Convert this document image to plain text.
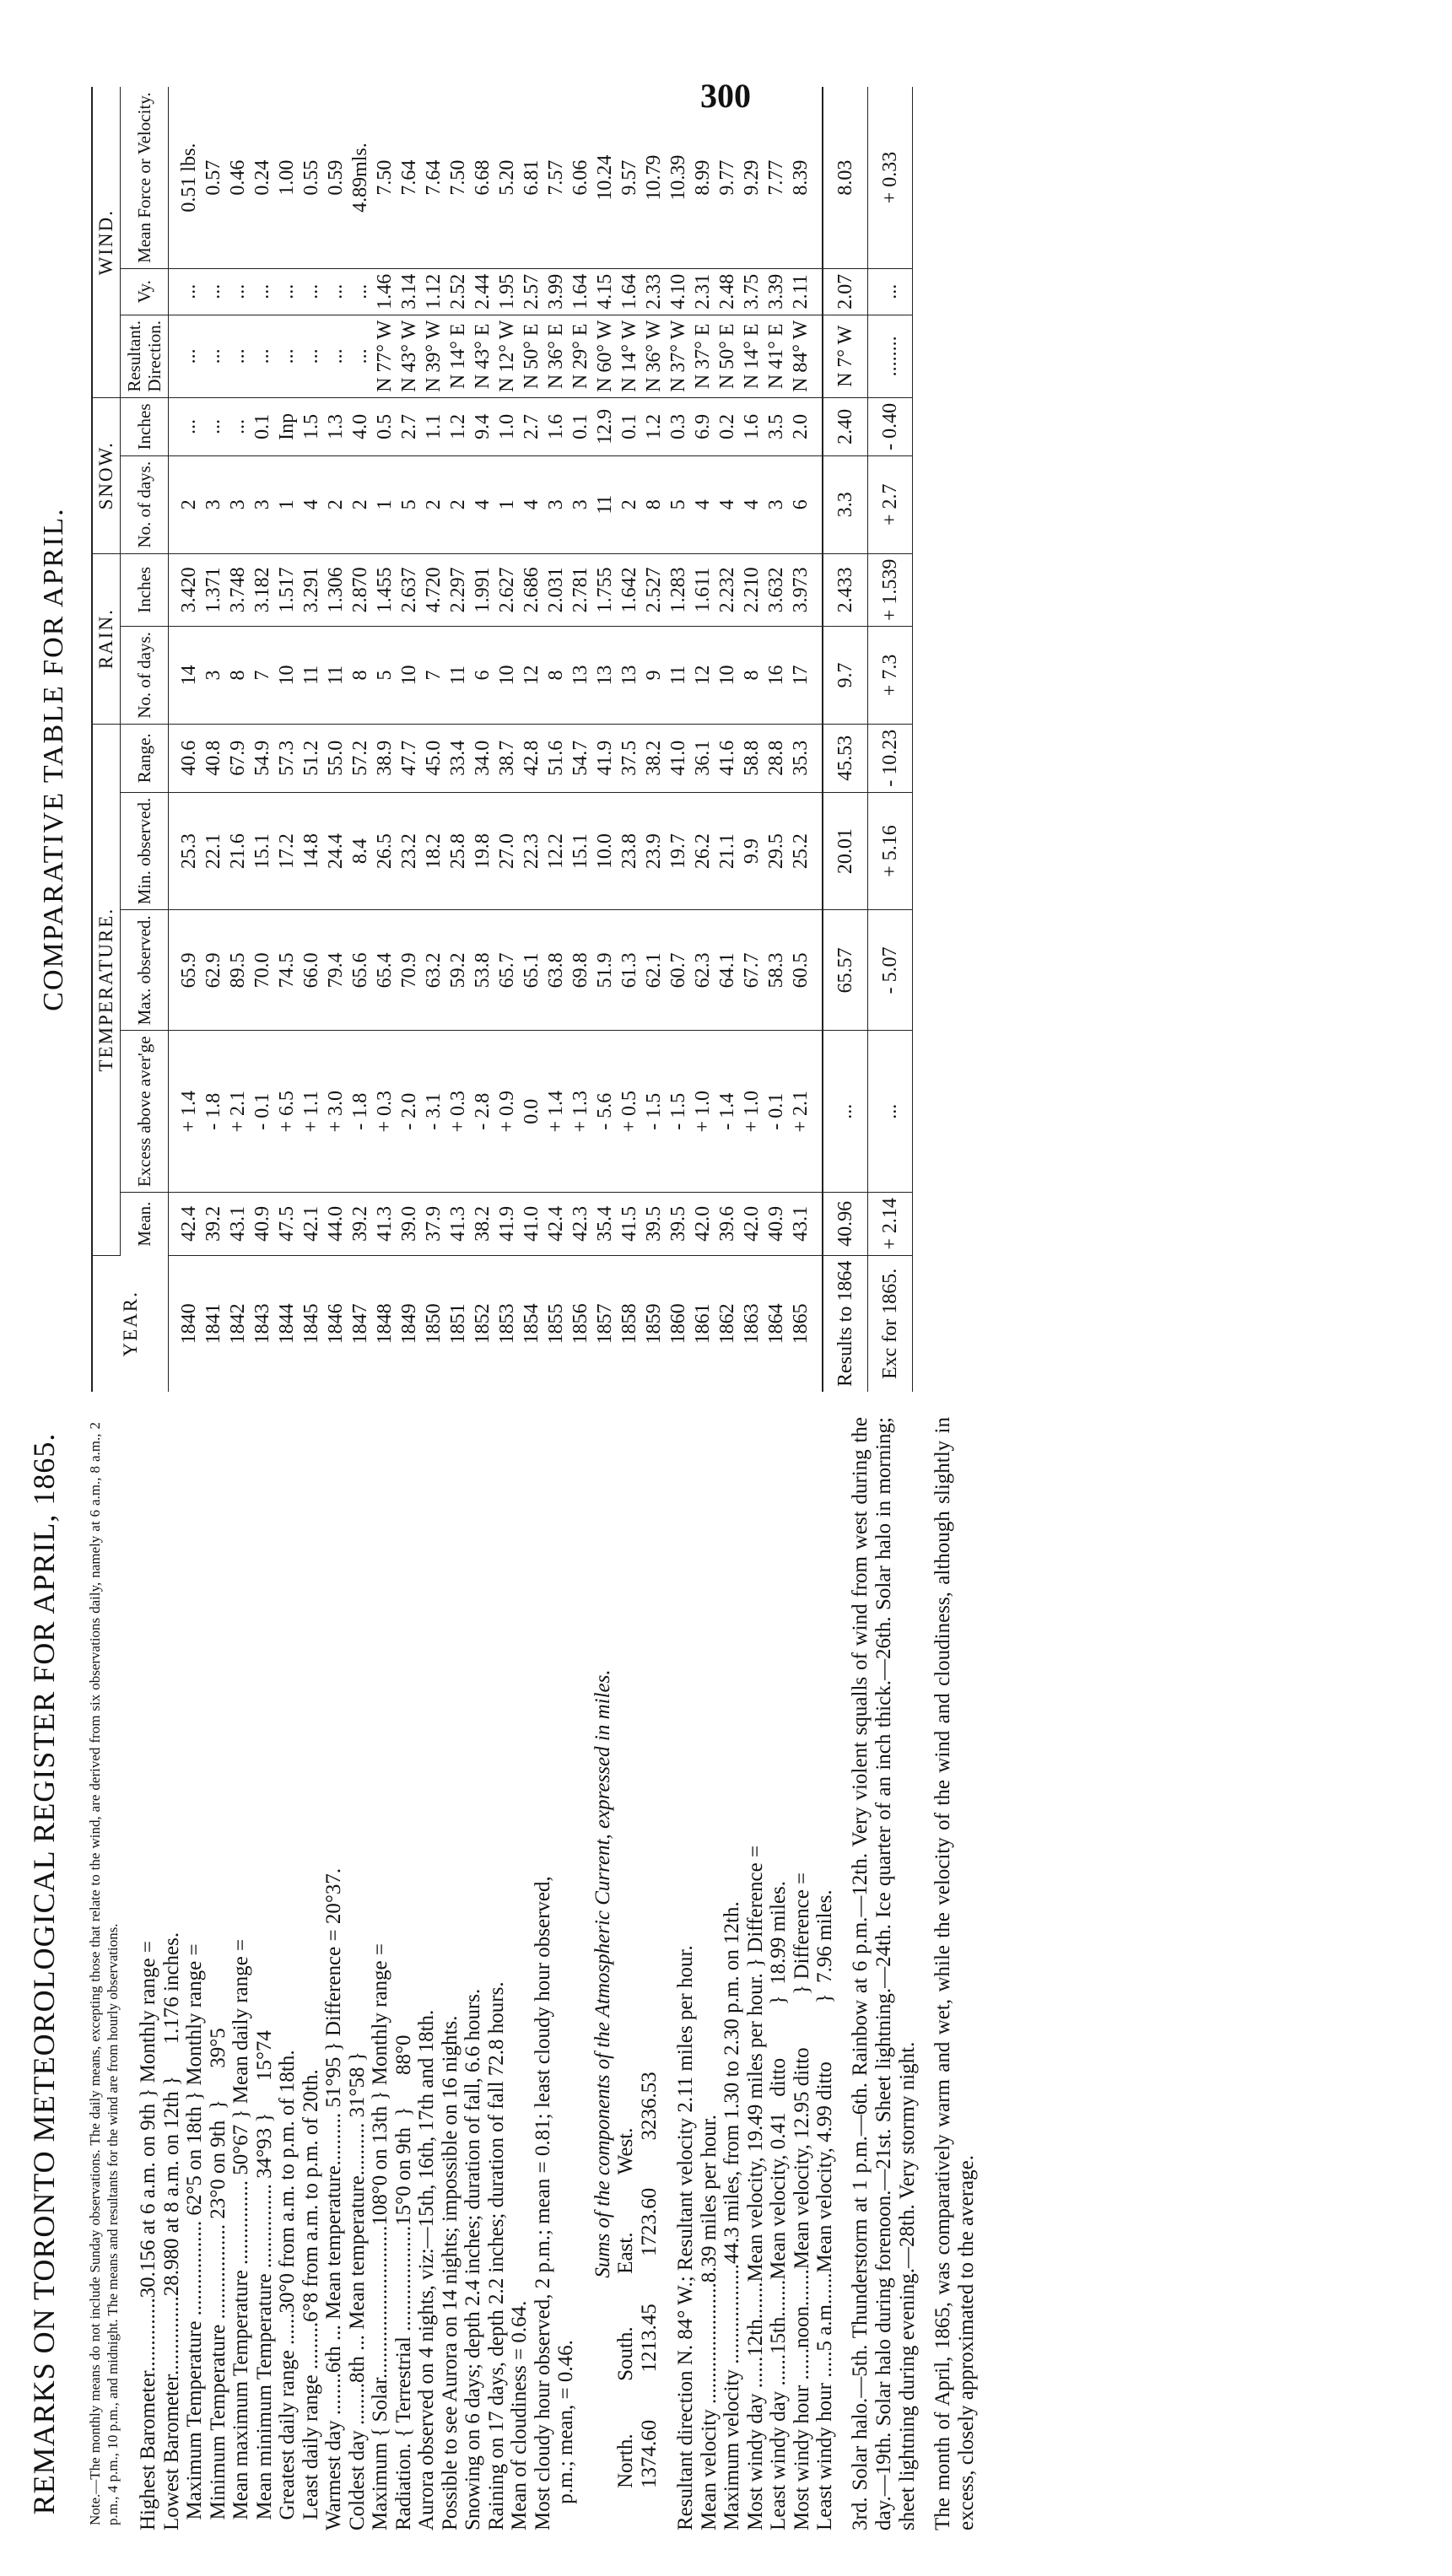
300
REMARKS ON TORONTO METEOROLOGICAL REGISTER FOR APRIL, 1865. Note.—The monthly means do not include Sunday observations. The daily means, excepting those that relate to the wind, are derived from six observations daily, namely at 6 a.m., 8 a.m., 2 p.m., 4 p.m., 10 p.m., and midnight. The means and resultants for the wind are from hourly observations. Highest Barometer..............30.156 at 6 a.m. on 9th } Monthly range = Lowest Barometer...............28.980 at 8 a.m. on 12th }      1.176 inches. Maximum Temperature .................. 62°5 on 18th } Monthly range = Minimum Temperature .................. 23°0 on 9th  }      39°5 Mean maximum Temperature ................ 50°67 } Mean daily range = Mean minimum Temperature ................ 34°93 }      15°74 Greatest daily range ......30°0 from a.m. to p.m. of 18th. Least daily range .........6°8 from a.m. to p.m. of 20th. Warmest day ........6th ... Mean temperature.......... 51°95 } Difference = 20°37. Coldest day ........8th ... Mean temperature.......... 31°58 } Maximum { Solar.............................108°0 on 13th } Monthly range = Radiation. { Terrestrial ....................15°0 on 9th  }      88°0 Aurora observed on 4 nights, viz:—15th, 16th, 17th and 18th. Possible to see Aurora on 14 nights; impossible on 16 nights. Snowing on 6 days; depth 2.4 inches; duration of fall, 6.6 hours. Raining on 17 days, depth 2.2 inches; duration of fall 72.8 hours. Mean of cloudiness = 0.64. Most cloudy hour observed, 2 p.m.; mean = 0.81; least cloudy hour observed, p.m.; mean, = 0.46.
Sums of the components of the Atmospheric Current, expressed in miles.
North.          South.          East.           West. 1374.60         1213.45         1723.60         3236.53 Resultant direction N. 84° W.; Resultant velocity 2.11 miles per hour. Mean velocity .......................8.39 miles per hour. Maximum velocity ...................44.3 miles, from 1.30 to 2.30 p.m. on 12th. Most windy day ......12th.......Mean velocity, 19.49 miles per hour. } Difference = Least windy day ......15th.......Mean velocity, 0.41   ditto          }  18.99 miles. Most windy hour ......noon.......Mean velocity, 12.95 ditto          } Difference = Least windy hour .....5 a.m......Mean velocity, 4.99 ditto           }  7.96 miles. 3rd. Solar halo.—5th. Thunderstorm at 1 p.m.—6th. Rainbow at 6 p.m.—12th. Very violent squalls of wind from west during the day.—19th. Solar halo during forenoon.—21st. Sheet lightning.—24th. Ice quarter of an inch thick.—26th. Solar halo in morning; sheet lightning during evening.—28th. Very stormy night. The month of April, 1865, was comparatively warm and wet, while the velocity of the wind and cloudiness, although slightly in excess, closely approximated to the average.
COMPARATIVE TABLE FOR APRIL.
YEAR.	TEMPERATURE.					RAIN.		SNOW.		WIND.		
	Mean.	Excess above aver'ge	Max. observed.	Min. observed.	Range.	No. of days.	Inches	No. of days.	Inches	Resultant. Direction.	Vy.	Mean Force or Velocity.
1840	42.4	+ 1.4	65.9	25.3	40.6	14	3.420	2	...	...	...	0.51 lbs.
1841	39.2	- 1.8	62.9	22.1	40.8	3	1.371	3	...	...	...	0.57
1842	43.1	+ 2.1	89.5	21.6	67.9	8	3.748	3	...	...	...	0.46
1843	40.9	- 0.1	70.0	15.1	54.9	7	3.182	3	0.1	...	...	0.24
1844	47.5	+ 6.5	74.5	17.2	57.3	10	1.517	1	Inp	...	...	1.00
1845	42.1	+ 1.1	66.0	14.8	51.2	11	3.291	4	1.5	...	...	0.55
1846	44.0	+ 3.0	79.4	24.4	55.0	11	1.306	2	1.3	...	...	0.59
1847	39.2	- 1.8	65.6	8.4	57.2	8	2.870	2	4.0	...	...	4.89mls.
1848	41.3	+ 0.3	65.4	26.5	38.9	5	1.455	1	0.5	N 77° W	1.46	7.50
1849	39.0	- 2.0	70.9	23.2	47.7	10	2.637	5	2.7	N 43° W	3.14	7.64
1850	37.9	- 3.1	63.2	18.2	45.0	7	4.720	2	1.1	N 39° W	1.12	7.64
1851	41.3	+ 0.3	59.2	25.8	33.4	11	2.297	2	1.2	N 14° E	2.52	7.50
1852	38.2	- 2.8	53.8	19.8	34.0	6	1.991	4	9.4	N 43° E	2.44	6.68
1853	41.9	+ 0.9	65.7	27.0	38.7	10	2.627	1	1.0	N 12° W	1.95	5.20
1854	41.0	0.0	65.1	22.3	42.8	12	2.686	4	2.7	N 50° E	2.57	6.81
1855	42.4	+ 1.4	63.8	12.2	51.6	8	2.031	3	1.6	N 36° E	3.99	7.57
1856	42.3	+ 1.3	69.8	15.1	54.7	13	2.781	3	0.1	N 29° E	1.64	6.06
1857	35.4	- 5.6	51.9	10.0	41.9	13	1.755	11	12.9	N 60° W	4.15	10.24
1858	41.5	+ 0.5	61.3	23.8	37.5	13	1.642	2	0.1	N 14° W	1.64	9.57
1859	39.5	- 1.5	62.1	23.9	38.2	9	2.527	8	1.2	N 36° W	2.33	10.79
1860	39.5	- 1.5	60.7	19.7	41.0	11	1.283	5	0.3	N 37° W	4.10	10.39
1861	42.0	+ 1.0	62.3	26.2	36.1	12	1.611	4	6.9	N 37° E	2.31	8.99
1862	39.6	- 1.4	64.1	21.1	41.6	10	2.232	4	0.2	N 50° E	2.48	9.77
1863	42.0	+ 1.0	67.7	9.9	58.8	8	2.210	4	1.6	N 14° E	3.75	9.29
1864	40.9	- 0.1	58.3	29.5	28.8	16	3.632	3	3.5	N 41° E	3.39	7.77
1865	43.1	+ 2.1	60.5	25.2	35.3	17	3.973	6	2.0	N 84° W	2.11	8.39
Results to 1864	40.96	...	65.57	20.01	45.53	9.7	2.433	3.3	2.40	N 7° W	2.07	8.03
Exc for 1865.	+ 2.14	...	- 5.07	+ 5.16	- 10.23	+ 7.3	+ 1.539	+ 2.7	- 0.40	........	...	+ 0.33
